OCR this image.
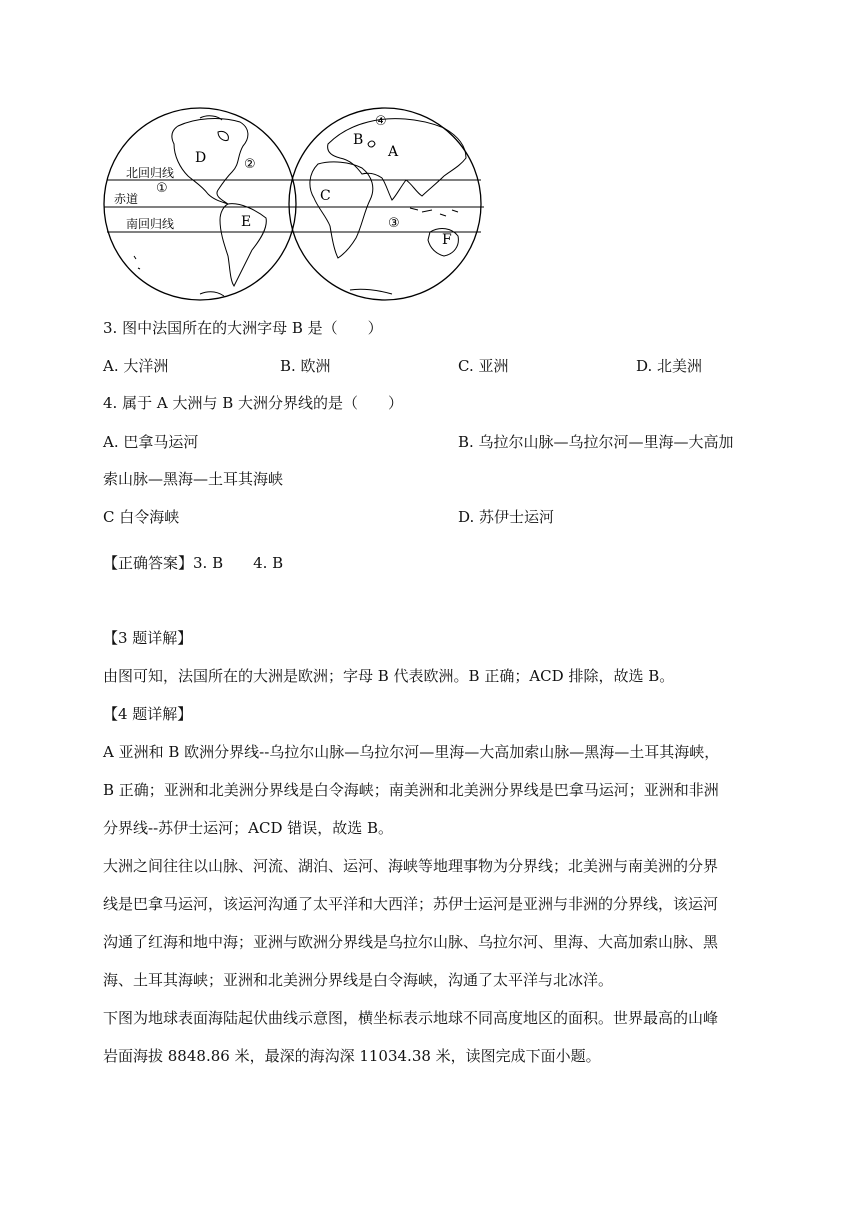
北回归线
赤道
南回归线
D
E
B
A
C
F
①
②
③
④
3. 图中法国所在的大洲字母 B 是（　　）
A. 大洋洲	B. 欧洲	C. 亚洲	D. 北美洲
4. 属于 A 大洲与 B 大洲分界线的是（　　）
A. 巴拿马运河	B. 乌拉尔山脉—乌拉尔河—里海—大高加
索山脉—黑海—土耳其海峡
C 白令海峡	D. 苏伊士运河
【正确答案】3. B　　4. B
【3 题详解】
由图可知，法国所在的大洲是欧洲；字母 B 代表欧洲。B 正确；ACD 排除，故选 B。
【4 题详解】
A 亚洲和 B 欧洲分界线--乌拉尔山脉—乌拉尔河—里海—大高加索山脉—黑海—土耳其海峡，
B 正确；亚洲和北美洲分界线是白令海峡；南美洲和北美洲分界线是巴拿马运河；亚洲和非洲
分界线--苏伊士运河；ACD 错误，故选 B。
大洲之间往往以山脉、河流、湖泊、运河、海峡等地理事物为分界线；北美洲与南美洲的分界
线是巴拿马运河，该运河沟通了太平洋和大西洋；苏伊士运河是亚洲与非洲的分界线，该运河
沟通了红海和地中海；亚洲与欧洲分界线是乌拉尔山脉、乌拉尔河、里海、大高加索山脉、黑
海、土耳其海峡；亚洲和北美洲分界线是白令海峡，沟通了太平洋与北冰洋。
下图为地球表面海陆起伏曲线示意图，横坐标表示地球不同高度地区的面积。世界最高的山峰
岩面海拔 8848.86 米，最深的海沟深 11034.38 米，读图完成下面小题。
